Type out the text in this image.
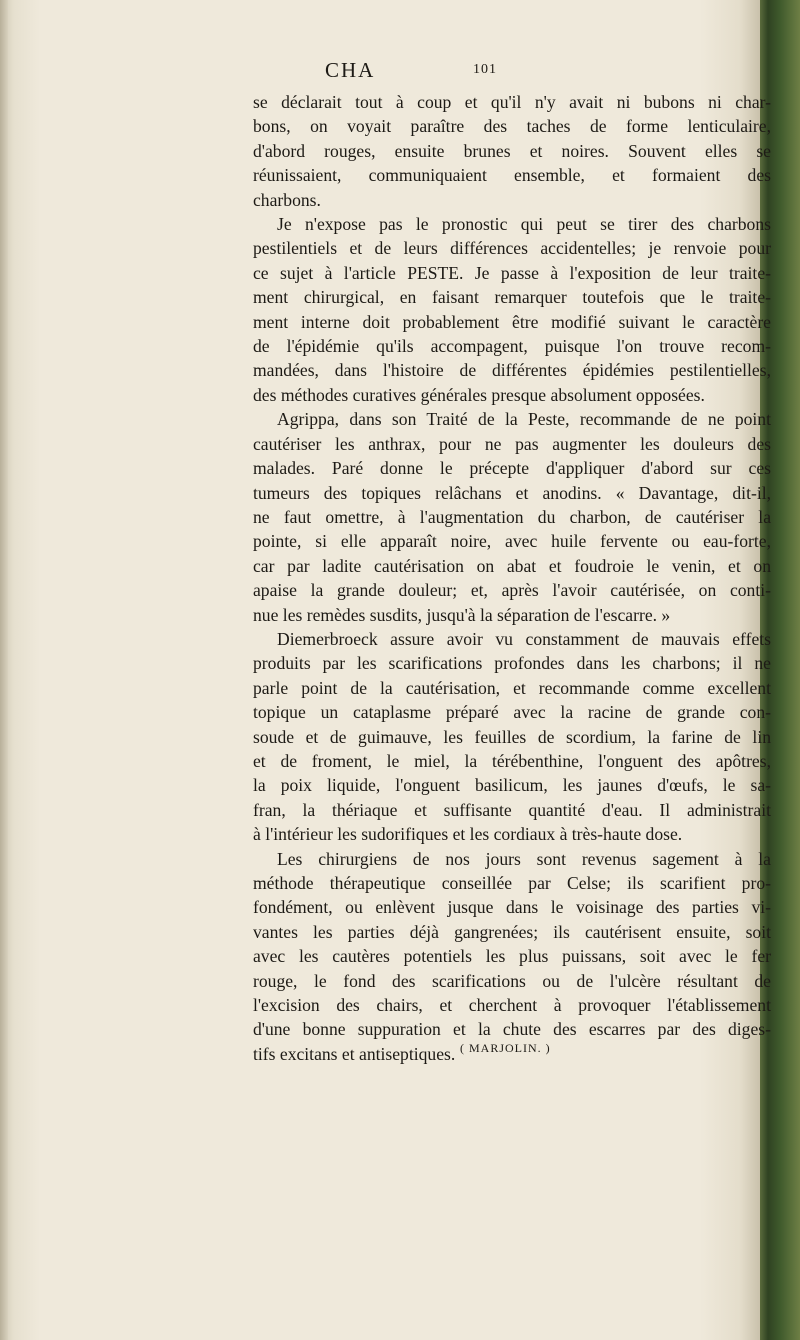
CHA	101
se déclarait tout à coup et qu'il n'y avait ni bubons ni char-
bons, on voyait paraître des taches de forme lenticulaire,
d'abord rouges, ensuite brunes et noires. Souvent elles se
réunissaient, communiquaient ensemble, et formaient des
charbons.
Je n'expose pas le pronostic qui peut se tirer des charbons
pestilentiels et de leurs différences accidentelles; je renvoie pour
ce sujet à l'article PESTE. Je passe à l'exposition de leur traite-
ment chirurgical, en faisant remarquer toutefois que le traite-
ment interne doit probablement être modifié suivant le caractère
de l'épidémie qu'ils accompagent, puisque l'on trouve recom-
mandées, dans l'histoire de différentes épidémies pestilentielles,
des méthodes curatives générales presque absolument opposées.
Agrippa, dans son Traité de la Peste, recommande de ne point
cautériser les anthrax, pour ne pas augmenter les douleurs des
malades. Paré donne le précepte d'appliquer d'abord sur ces
tumeurs des topiques relâchans et anodins. « Davantage, dit-il,
ne faut omettre, à l'augmentation du charbon, de cautériser la
pointe, si elle apparaît noire, avec huile fervente ou eau-forte,
car par ladite cautérisation on abat et foudroie le venin, et on
apaise la grande douleur; et, après l'avoir cautérisée, on conti-
nue les remèdes susdits, jusqu'à la séparation de l'escarre. »
Diemerbroeck assure avoir vu constamment de mauvais effets
produits par les scarifications profondes dans les charbons; il ne
parle point de la cautérisation, et recommande comme excellent
topique un cataplasme préparé avec la racine de grande con-
soude et de guimauve, les feuilles de scordium, la farine de lin
et de froment, le miel, la térébenthine, l'onguent des apôtres,
la poix liquide, l'onguent basilicum, les jaunes d'œufs, le sa-
fran, la thériaque et suffisante quantité d'eau. Il administrait
à l'intérieur les sudorifiques et les cordiaux à très-haute dose.
Les chirurgiens de nos jours sont revenus sagement à la
méthode thérapeutique conseillée par Celse; ils scarifient pro-
fondément, ou enlèvent jusque dans le voisinage des parties vi-
vantes les parties déjà gangrenées; ils cautérisent ensuite, soit
avec les cautères potentiels les plus puissans, soit avec le fer
rouge, le fond des scarifications ou de l'ulcère résultant de
l'excision des chairs, et cherchent à provoquer l'établissement
d'une bonne suppuration et la chute des escarres par des diges-
tifs excitans et antiseptiques. ( MARJOLIN. )
